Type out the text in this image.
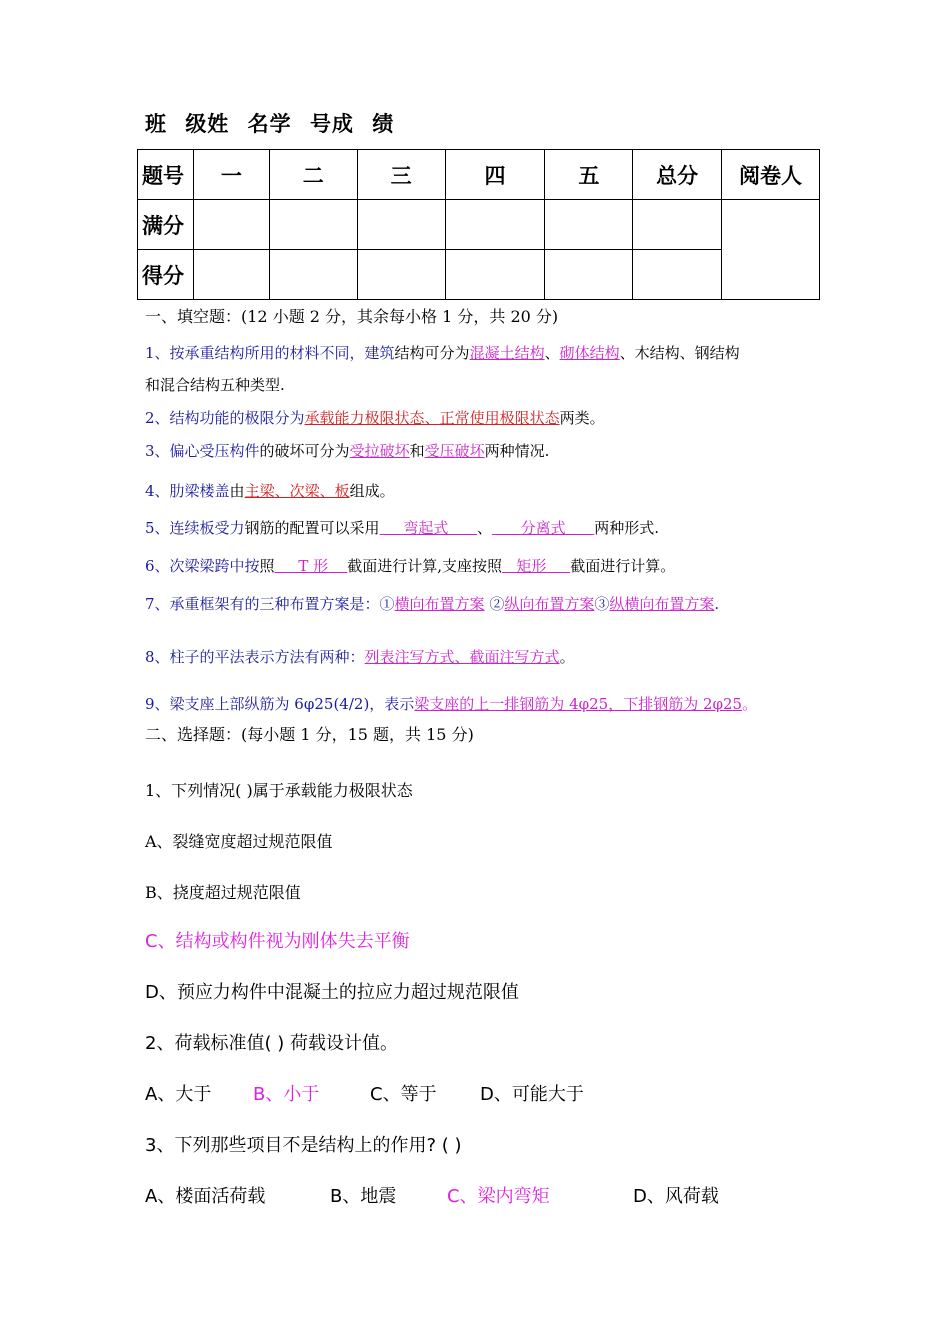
班 级姓 名学 号成 绩
题号	一	二	三	四	五	总分	阅卷人
满分							
得分							
一、填空题：(12 小题 2 分，其余每小格 1 分，共 20 分)
1、按承重结构所用的材料不同，建筑结构可分为混凝土结构、砌体结构、木结构、钢结构
和混合结构五种类型.
2、结构功能的极限分为承载能力极限状态、正常使用极限状态两类。
3、偏心受压构件的破坏可分为受拉破坏和受压破坏两种情况.
4、肋梁楼盖由主梁、次梁、板组成。
5、连续板受力钢筋的配置可以采用 弯起式 、 分离式 两种形式.
6、次梁梁跨中按照 T 形 截面进行计算,支座按照 矩形 截面进行计算。
7、承重框架有的三种布置方案是：①横向布置方案 ②纵向布置方案③纵横向布置方案.
8、柱子的平法表示方法有两种：列表注写方式、截面注写方式。
9、梁支座上部纵筋为 6φ25(4/2)，表示梁支座的上一排钢筋为 4φ25，下排钢筋为 2φ25。
二、选择题：(每小题 1 分，15 题，共 15 分)
1、下列情况( )属于承载能力极限状态
A、裂缝宽度超过规范限值
B、挠度超过规范限值
C、结构或构件视为刚体失去平衡
D、预应力构件中混凝土的拉应力超过规范限值
2、荷载标准值( ) 荷载设计值。
A、大于 B、小于	C、等于 D、可能大于
3、下列那些项目不是结构上的作用? ( )
A、楼面活荷载	B、地震	C、梁内弯矩	D、风荷载
